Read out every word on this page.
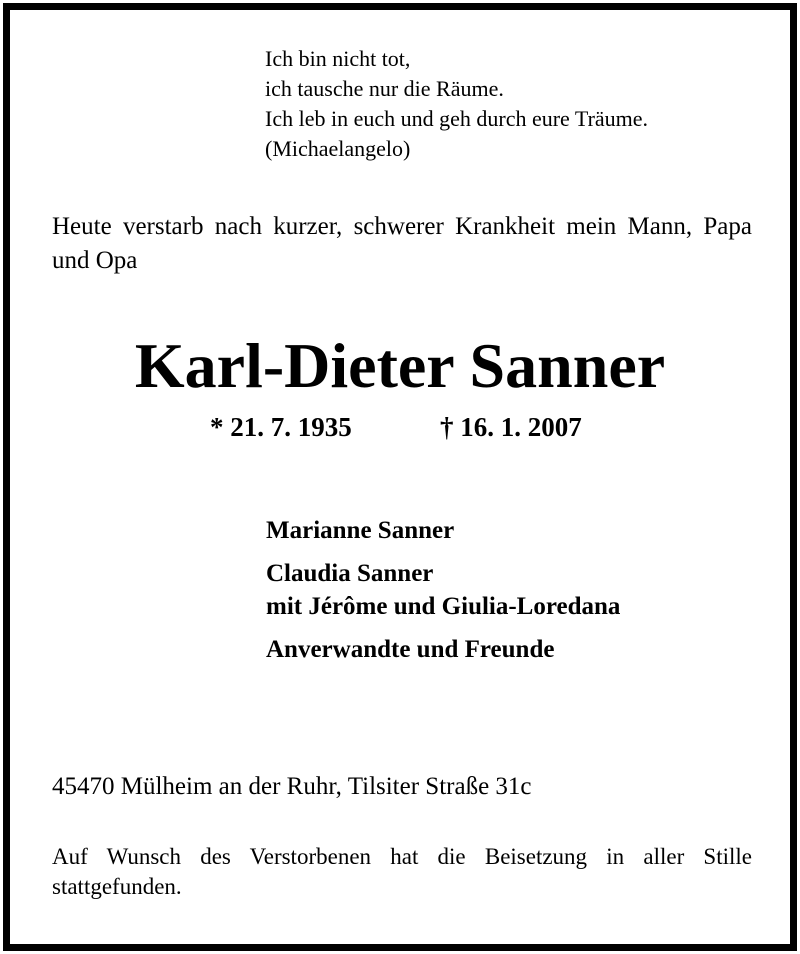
Ich bin nicht tot,
ich tausche nur die Räume.
Ich leb in euch und geh durch eure Träume.
(Michaelangelo)
Heute verstarb nach kurzer, schwerer Krankheit mein Mann, Papa und Opa
Karl-Dieter Sanner
* 21. 7. 1935	† 16. 1. 2007
Marianne Sanner
Claudia Sanner
mit Jérôme und Giulia-Loredana
Anverwandte und Freunde
45470 Mülheim an der Ruhr, Tilsiter Straße 31c
Auf Wunsch des Verstorbenen hat die Beisetzung in aller Stille stattgefunden.
